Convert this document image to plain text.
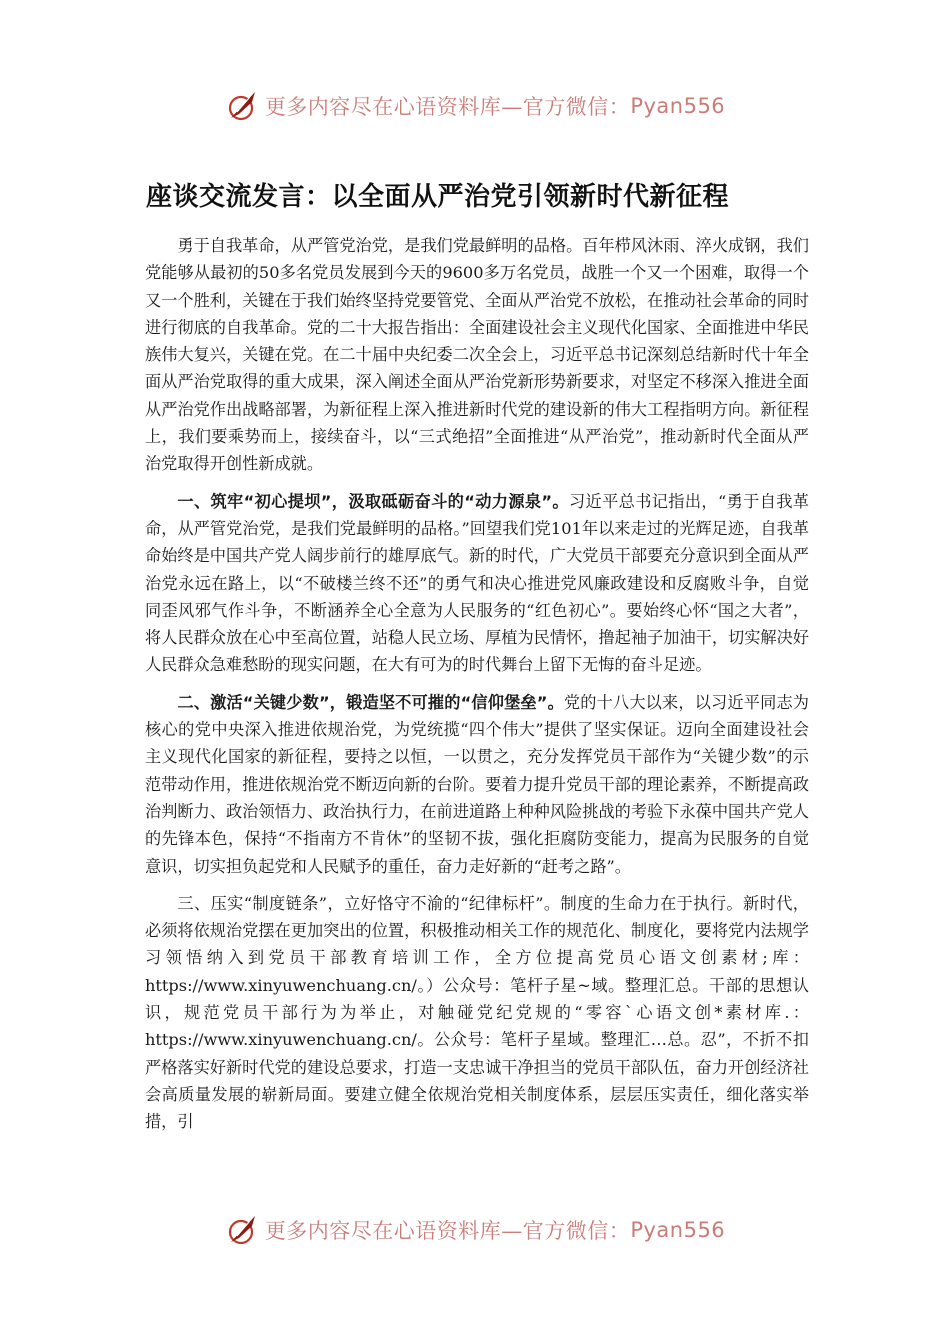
更多内容尽在心语资料库—官方微信： Pyan556
座谈交流发言：以全面从严治党引领新时代新征程

勇于自我革命，从严管党治党，是我们党最鲜明的品格。百年栉风沐雨、淬火成钢，我们党能够从最初的50多名党员发展到今天的9600多万名党员，战胜一个又一个困难，取得一个又一个胜利，关键在于我们始终坚持党要管党、全面从严治党不放松，在推动社会革命的同时进行彻底的自我革命。党的二十大报告指出：全面建设社会主义现代化国家、全面推进中华民族伟大复兴，关键在党。在二十届中央纪委二次全会上，习近平总书记深刻总结新时代十年全面从严治党取得的重大成果，深入阐述全面从严治党新形势新要求，对坚定不移深入推进全面从严治党作出战略部署，为新征程上深入推进新时代党的建设新的伟大工程指明方向。新征程上，我们要乘势而上，接续奋斗，以“三式绝招”全面推进“从严治党”，推动新时代全面从严治党取得开创性新成就。

一、筑牢“初心提坝”，汲取砥砺奋斗的“动力源泉”。习近平总书记指出，“勇于自我革命，从严管党治党，是我们党最鲜明的品格。”回望我们党101年以来走过的光辉足迹，自我革命始终是中国共产党人阔步前行的雄厚底气。新的时代，广大党员干部要充分意识到全面从严治党永远在路上，以“不破楼兰终不还”的勇气和决心推进党风廉政建设和反腐败斗争，自觉同歪风邪气作斗争，不断涵养全心全意为人民服务的“红色初心”。要始终心怀“国之大者”，将人民群众放在心中至高位置，站稳人民立场、厚植为民情怀，撸起袖子加油干，切实解决好人民群众急难愁盼的现实问题，在大有可为的时代舞台上留下无悔的奋斗足迹。

二、激活“关键少数”，锻造坚不可摧的“信仰堡垒”。党的十八大以来，以习近平同志为核心的党中央深入推进依规治党，为党统揽“四个伟大”提供了坚实保证。迈向全面建设社会主义现代化国家的新征程，要持之以恒，一以贯之，充分发挥党员干部作为“关键少数”的示范带动作用，推进依规治党不断迈向新的台阶。要着力提升党员干部的理论素养，不断提高政治判断力、政治领悟力、政治执行力，在前进道路上种种风险挑战的考验下永葆中国共产党人的先锋本色，保持“不指南方不肯休”的坚韧不拔，强化拒腐防变能力，提高为民服务的自觉意识，切实担负起党和人民赋予的重任，奋力走好新的“赶考之路”。

三、压实“制度链条”，立好恪守不渝的“纪律标杆”。制度的生命力在于执行。新时代，必须将依规治党摆在更加突出的位置，积极推动相关工作的规范化、制度化，要将党内法规学习领悟纳入到党员干部教育培训工作，全方位提高党员心语文创素材;库：https://www.xinyuwenchuang.cn/。）公众号：笔杆子星~域。整理汇总。干部的思想认识，规范党员干部行为为举止，对触碰党纪党规的“零容`心语文创*素材库.：https://www.xinyuwenchuang.cn/。公众号：笔杆子星域。整理汇…总。忍”，不折不扣严格落实好新时代党的建设总要求，打造一支忠诚干净担当的党员干部队伍，奋力开创经济社会高质量发展的崭新局面。要建立健全依规治党相关制度体系，层层压实责任，细化落实举措，引

更多内容尽在心语资料库—官方微信： Pyan556
